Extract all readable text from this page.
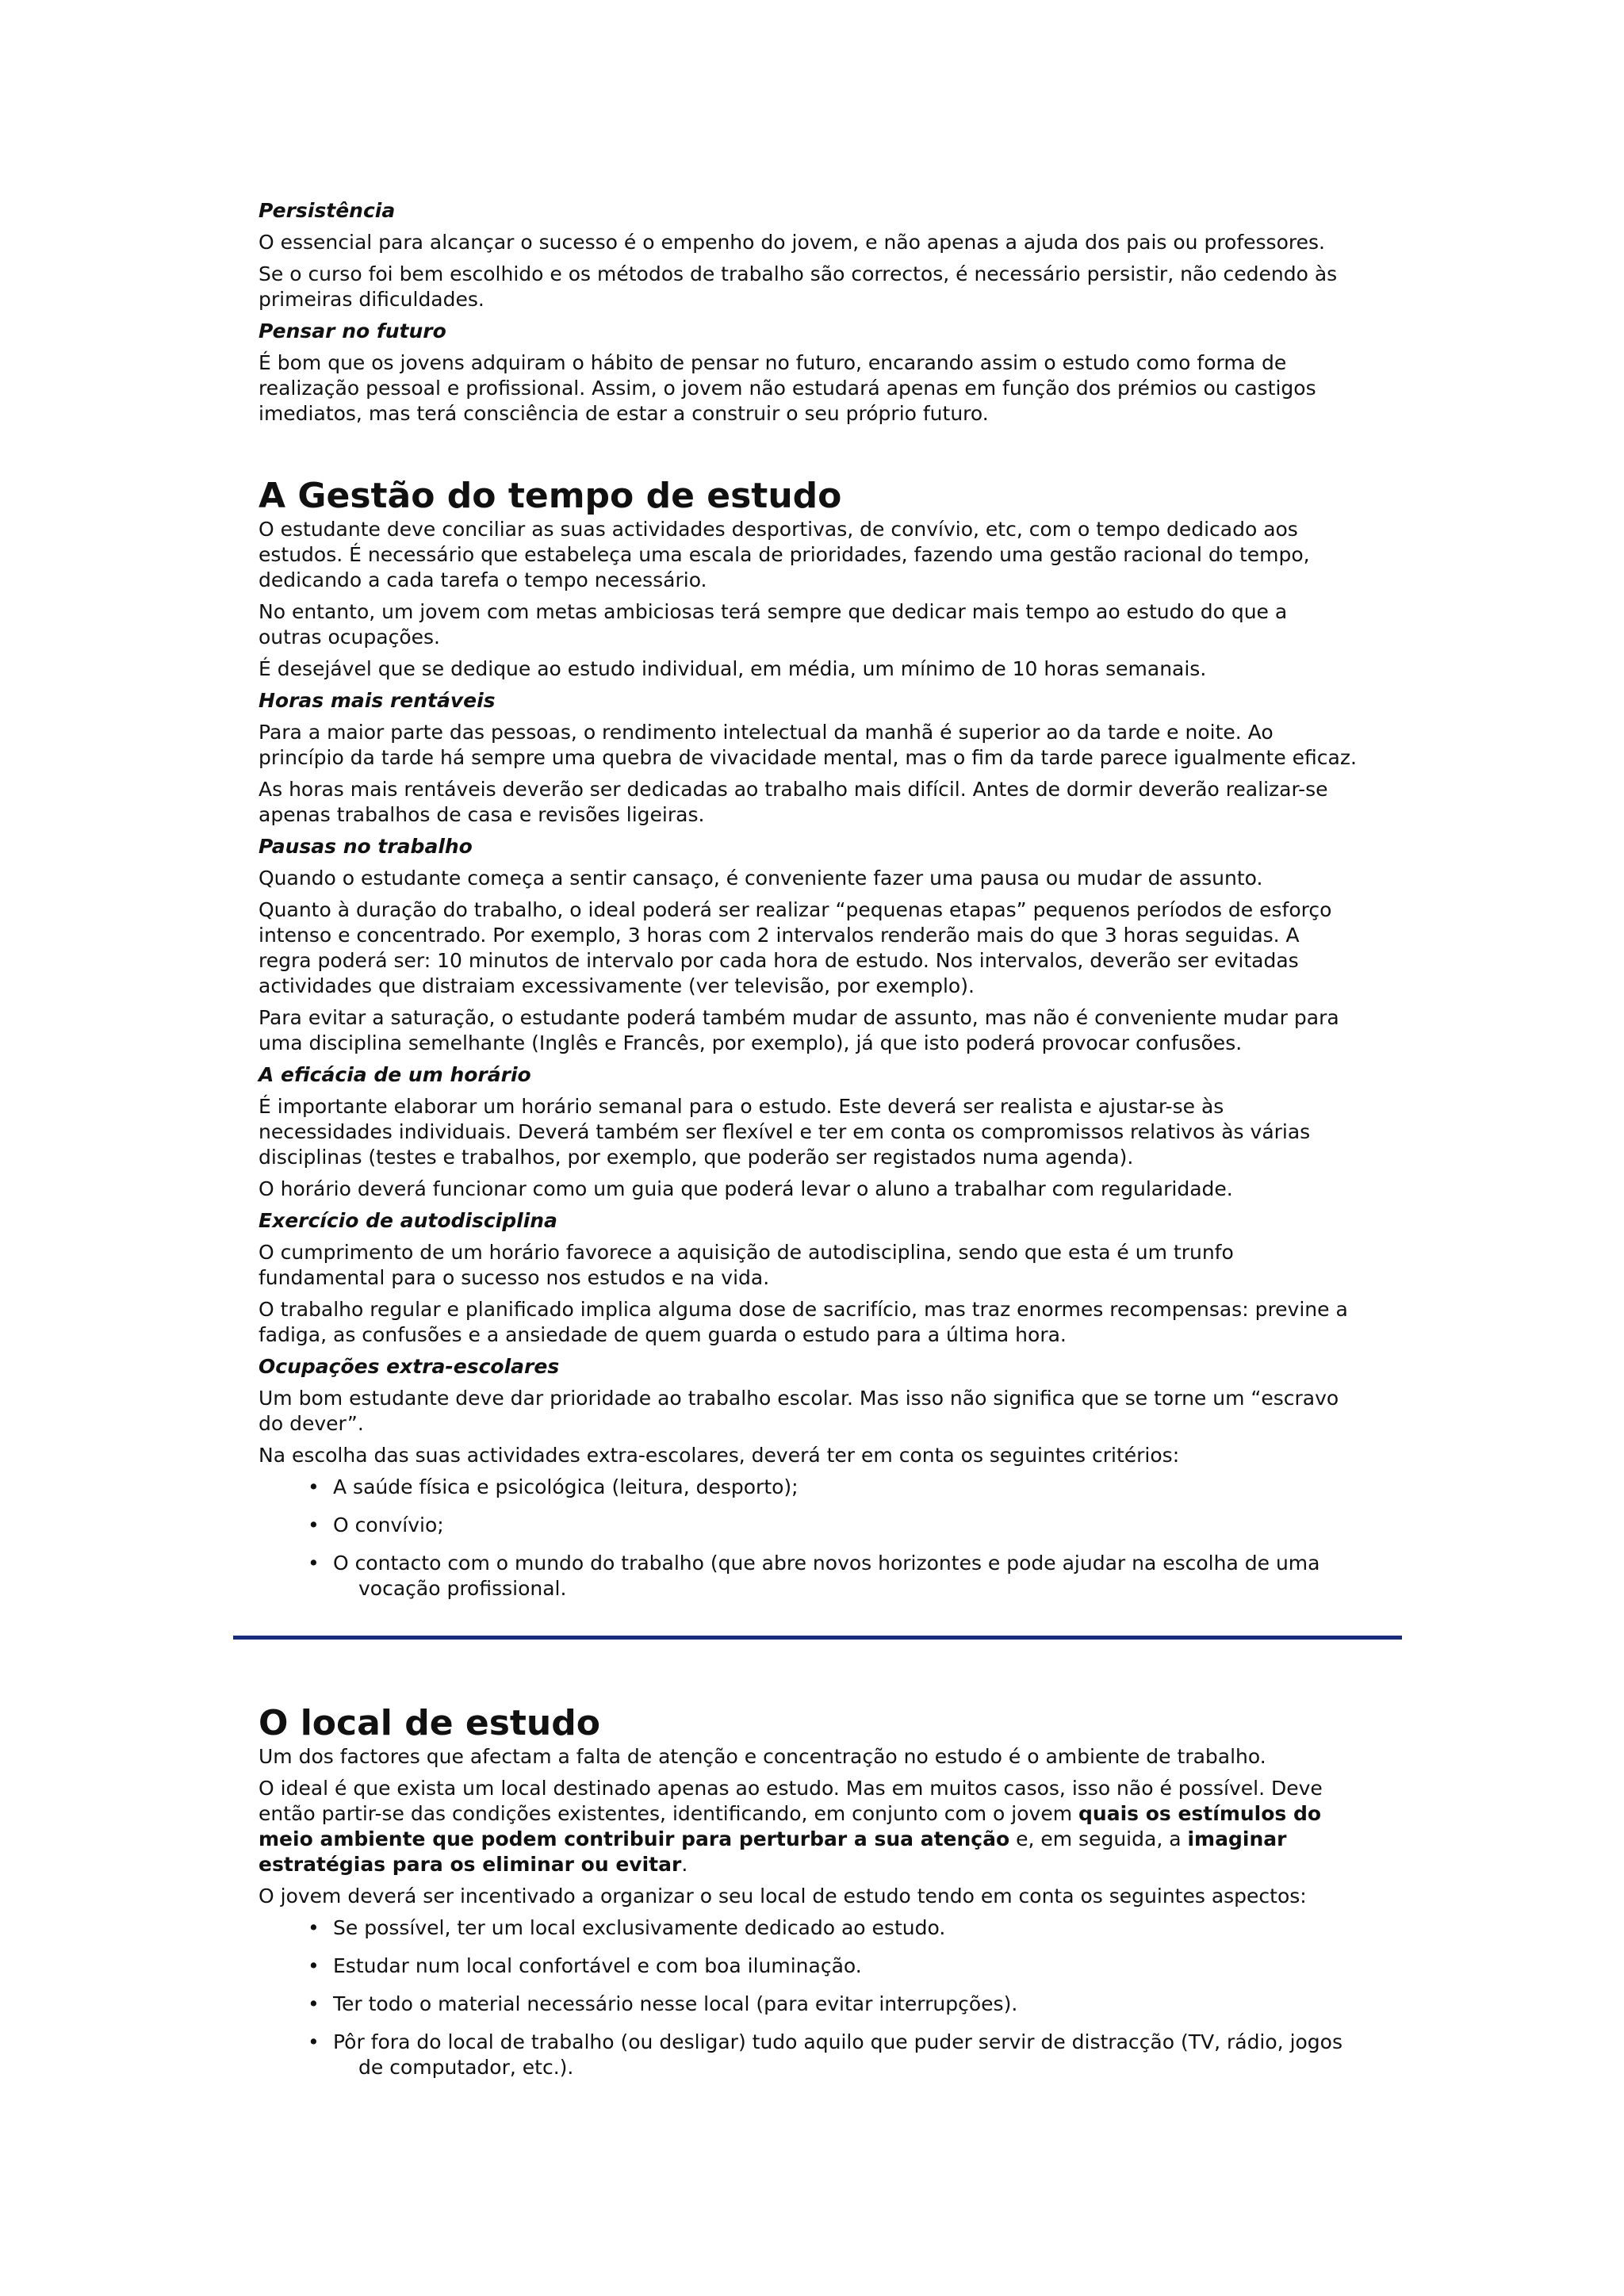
Persistência

O essencial para alcançar o sucesso é o empenho do jovem, e não apenas a ajuda dos pais ou professores.

Se o curso foi bem escolhido e os métodos de trabalho são correctos, é necessário persistir, não cedendo às

primeiras dificuldades.

Pensar no futuro

É bom que os jovens adquiram o hábito de pensar no futuro, encarando assim o estudo como forma de

realização pessoal e profissional. Assim, o jovem não estudará apenas em função dos prémios ou castigos

imediatos, mas terá consciência de estar a construir o seu próprio futuro.

A Gestão do tempo de estudo

O estudante deve conciliar as suas actividades desportivas, de convívio, etc, com o tempo dedicado aos

estudos. É necessário que estabeleça uma escala de prioridades, fazendo uma gestão racional do tempo,

dedicando a cada tarefa o tempo necessário.

No entanto, um jovem com metas ambiciosas terá sempre que dedicar mais tempo ao estudo do que a

outras ocupações.

É desejável que se dedique ao estudo individual, em média, um mínimo de 10 horas semanais.

Horas mais rentáveis

Para a maior parte das pessoas, o rendimento intelectual da manhã é superior ao da tarde e noite. Ao

princípio da tarde há sempre uma quebra de vivacidade mental, mas o fim da tarde parece igualmente eficaz.

As horas mais rentáveis deverão ser dedicadas ao trabalho mais difícil. Antes de dormir deverão realizar-se

apenas trabalhos de casa e revisões ligeiras.

Pausas no trabalho

Quando o estudante começa a sentir cansaço, é conveniente fazer uma pausa ou mudar de assunto.

Quanto à duração do trabalho, o ideal poderá ser realizar “pequenas etapas” pequenos períodos de esforço

intenso e concentrado. Por exemplo, 3 horas com 2 intervalos renderão mais do que 3 horas seguidas. A

regra poderá ser: 10 minutos de intervalo por cada hora de estudo. Nos intervalos, deverão ser evitadas

actividades que distraiam excessivamente (ver televisão, por exemplo).

Para evitar a saturação, o estudante poderá também mudar de assunto, mas não é conveniente mudar para

uma disciplina semelhante (Inglês e Francês, por exemplo), já que isto poderá provocar confusões.

A eficácia de um horário

É importante elaborar um horário semanal para o estudo. Este deverá ser realista e ajustar-se às

necessidades individuais. Deverá também ser flexível e ter em conta os compromissos relativos às várias

disciplinas (testes e trabalhos, por exemplo, que poderão ser registados numa agenda).

O horário deverá funcionar como um guia que poderá levar o aluno a trabalhar com regularidade.

Exercício de autodisciplina

O cumprimento de um horário favorece a aquisição de autodisciplina, sendo que esta é um trunfo

fundamental para o sucesso nos estudos e na vida.

O trabalho regular e planificado implica alguma dose de sacrifício, mas traz enormes recompensas: previne a

fadiga, as confusões e a ansiedade de quem guarda o estudo para a última hora.

Ocupações extra-escolares

Um bom estudante deve dar prioridade ao trabalho escolar. Mas isso não significa que se torne um “escravo

do dever”.

Na escolha das suas actividades extra-escolares, deverá ter em conta os seguintes critérios:

• A saúde física e psicológica (leitura, desporto);
• O convívio;
• O contacto com o mundo do trabalho (que abre novos horizontes e pode ajudar na escolha de uma
vocação profissional.
O local de estudo

Um dos factores que afectam a falta de atenção e concentração no estudo é o ambiente de trabalho.

O ideal é que exista um local destinado apenas ao estudo. Mas em muitos casos, isso não é possível. Deve

então partir-se das condições existentes, identificando, em conjunto com o jovem quais os estímulos do

meio ambiente que podem contribuir para perturbar a sua atenção e, em seguida, a imaginar

estratégias para os eliminar ou evitar.

O jovem deverá ser incentivado a organizar o seu local de estudo tendo em conta os seguintes aspectos:

• Se possível, ter um local exclusivamente dedicado ao estudo.
• Estudar num local confortável e com boa iluminação.
• Ter todo o material necessário nesse local (para evitar interrupções).
• Pôr fora do local de trabalho (ou desligar) tudo aquilo que puder servir de distracção (TV, rádio, jogos
de computador, etc.).
